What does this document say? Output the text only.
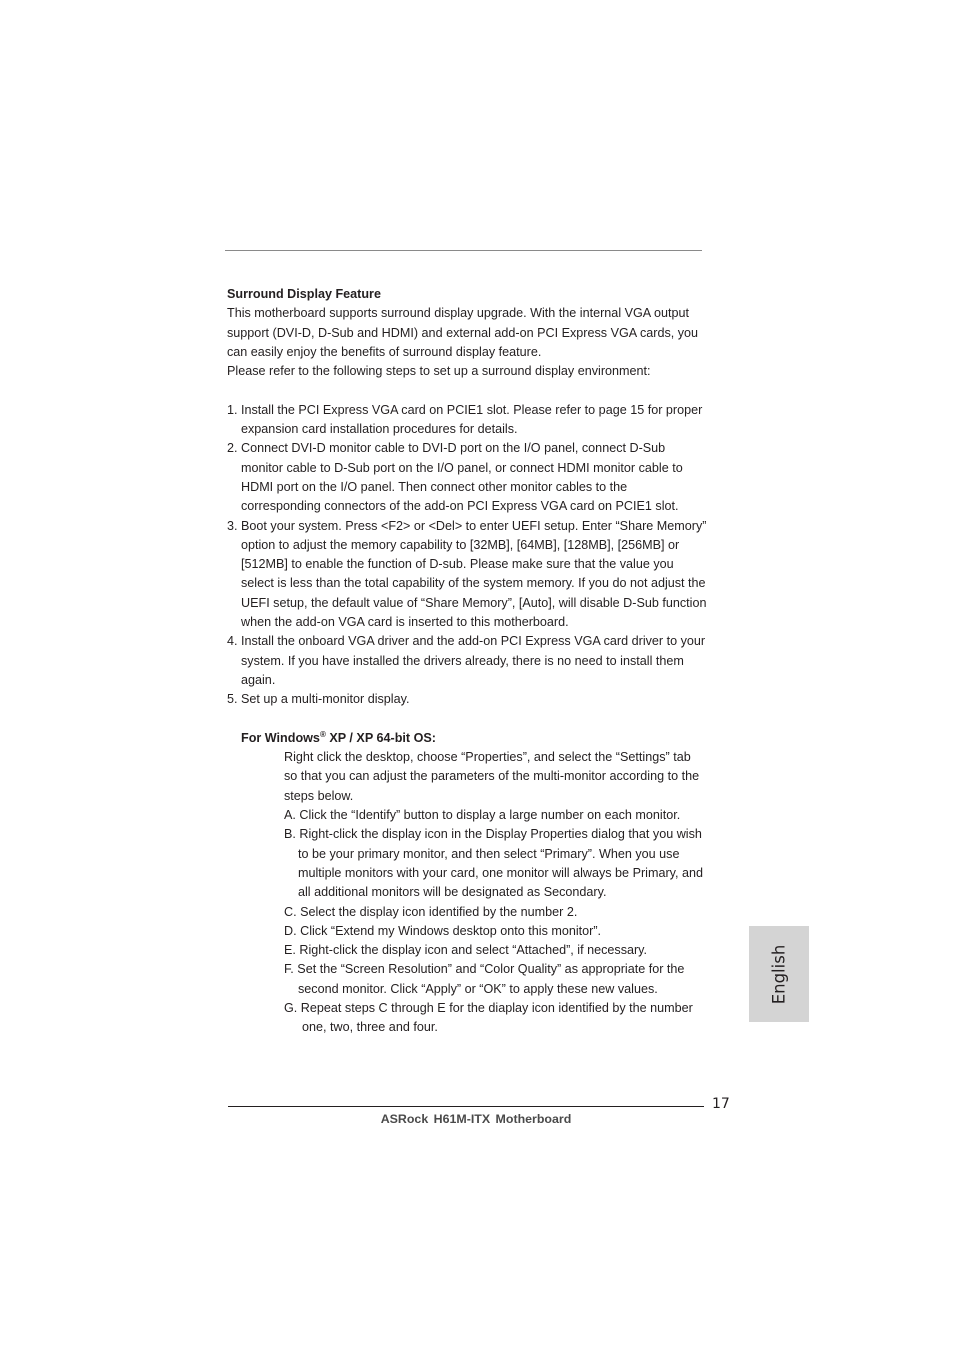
Surround Display Feature

This motherboard supports surround display upgrade. With the internal VGA output support (DVI-D, D-Sub and HDMI) and external add-on PCI Express VGA cards, you can easily enjoy the benefits of surround display feature.

Please refer to the following steps to set up a surround display environment:

1. Install the PCI Express VGA card on PCIE1 slot. Please refer to page 15 for proper expansion card installation procedures for details.
2. Connect DVI-D monitor cable to DVI-D port on the I/O panel, connect D-Sub monitor cable to D-Sub port on the I/O panel, or connect HDMI monitor cable to HDMI port on the I/O panel. Then connect other monitor cables to the corresponding connectors of the add-on PCI Express VGA card on PCIE1 slot.
3. Boot your system. Press <F2> or <Del> to enter UEFI setup. Enter “Share Memory” option to adjust the memory capability to [32MB], [64MB], [128MB], [256MB] or [512MB] to enable the function of D-sub. Please make sure that the value you select is less than the total capability of the system memory. If you do not adjust the UEFI setup, the default value of “Share Memory”, [Auto], will disable D-Sub function when the add-on VGA card is inserted to this motherboard.
4. Install the onboard VGA driver and the add-on PCI Express VGA card driver to your system. If you have installed the drivers already, there is no need to install them again.
5. Set up a multi-monitor display.
For Windows® XP / XP 64-bit OS:

Right click the desktop, choose “Properties”, and select the “Settings” tab so that you can adjust the parameters of the multi-monitor according to the steps below.

A. Click the “Identify” button to display a large number on each monitor.
B. Right-click the display icon in the Display Properties dialog that you wish to be your primary monitor, and then select “Primary”. When you use multiple monitors with your card, one monitor will always be Primary, and all additional monitors will be designated as Secondary.
C. Select the display icon identified by the number 2.
D. Click “Extend my Windows desktop onto this monitor”.
E. Right-click the display icon and select “Attached”, if necessary.
F. Set the “Screen Resolution” and “Color Quality” as appropriate for the second monitor. Click “Apply” or “OK” to apply these new values.
G. Repeat steps C through E for the diaplay icon identified by the number one, two, three and four.
English
17
ASRock H61M-ITX Motherboard
